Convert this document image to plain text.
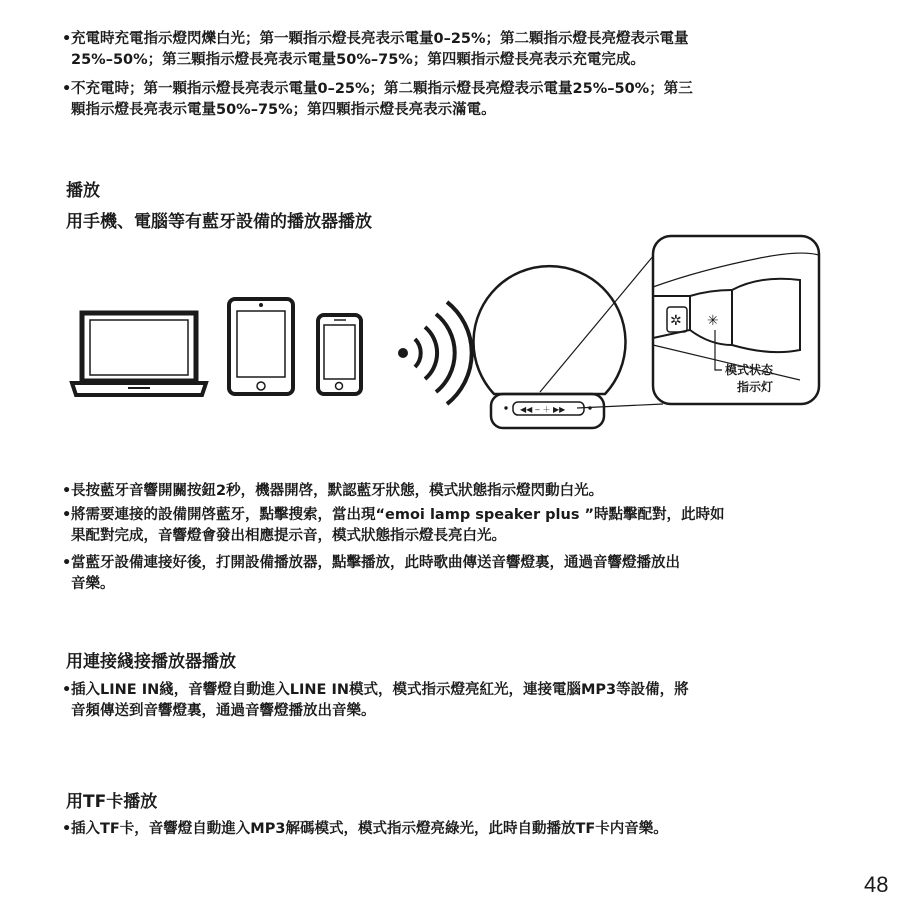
•充電時充電指示燈閃爍白光；第一顆指示燈長亮表示電量0–25%；第二顆指示燈長亮燈表示電量
25%–50%；第三顆指示燈長亮表示電量50%–75%；第四顆指示燈長亮表示充電完成。
•不充電時；第一顆指示燈長亮表示電量0–25%；第二顆指示燈長亮燈表示電量25%–50%；第三
顆指示燈長亮表示電量50%–75%；第四顆指示燈長亮表示滿電。
播放
用手機、電腦等有藍牙設備的播放器播放
◀◀ ‒ ＋ ▶▶
✲ ✳
模式状态
指示灯
•長按藍牙音響開關按鈕2秒，機器開啓，默認藍牙狀態，模式狀態指示燈閃動白光。
•將需要連接的設備開啓藍牙，點擊搜索，當出現“emoi lamp speaker plus ”時點擊配對，此時如
果配對完成，音響燈會發出相應提示音，模式狀態指示燈長亮白光。
•當藍牙設備連接好後，打開設備播放器，點擊播放，此時歌曲傳送音響燈裏，通過音響燈播放出
音樂。
用連接綫接播放器播放
•插入LINE IN綫，音響燈自動進入LINE IN模式，模式指示燈亮紅光，連接電腦MP3等設備，將
音頻傳送到音響燈裏，通過音響燈播放出音樂。
用TF卡播放
•插入TF卡，音響燈自動進入MP3解碼模式，模式指示燈亮綠光，此時自動播放TF卡内音樂。
48
